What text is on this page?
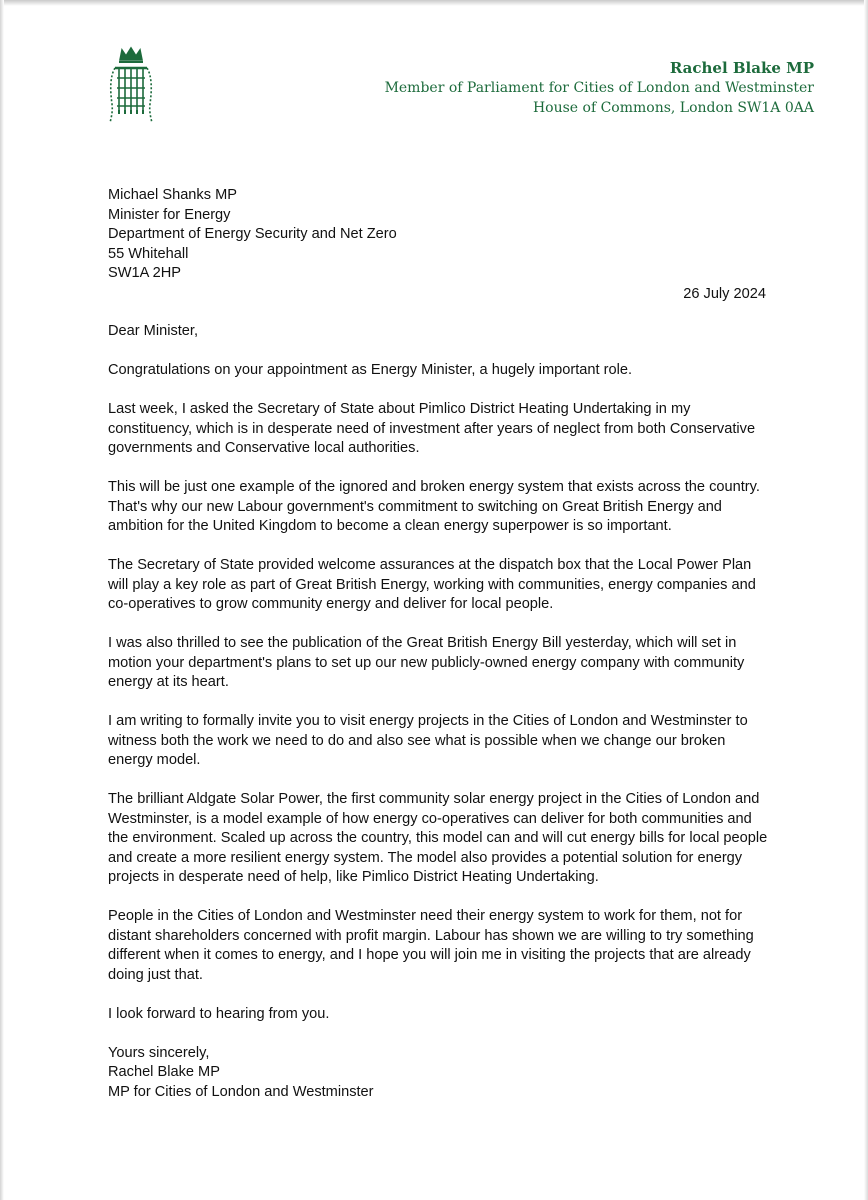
Rachel Blake MP
Member of Parliament for Cities of London and Westminster
House of Commons, London SW1A 0AA
Michael Shanks MP
Minister for Energy
Department of Energy Security and Net Zero
55 Whitehall
SW1A 2HP
26 July 2024

Dear Minister,

Congratulations on your appointment as Energy Minister, a hugely important role.

Last week, I asked the Secretary of State about Pimlico District Heating Undertaking in my constituency, which is in desperate need of investment after years of neglect from both Conservative governments and Conservative local authorities.

This will be just one example of the ignored and broken energy system that exists across the country. That's why our new Labour government's commitment to switching on Great British Energy and ambition for the United Kingdom to become a clean energy superpower is so important.

The Secretary of State provided welcome assurances at the dispatch box that the Local Power Plan will play a key role as part of Great British Energy, working with communities, energy companies and co-operatives to grow community energy and deliver for local people.

I was also thrilled to see the publication of the Great British Energy Bill yesterday, which will set in motion your department's plans to set up our new publicly-owned energy company with community energy at its heart.

I am writing to formally invite you to visit energy projects in the Cities of London and Westminster to witness both the work we need to do and also see what is possible when we change our broken energy model.

The brilliant Aldgate Solar Power, the first community solar energy project in the Cities of London and Westminster, is a model example of how energy co-operatives can deliver for both communities and the environment. Scaled up across the country, this model can and will cut energy bills for local people and create a more resilient energy system. The model also provides a potential solution for energy projects in desperate need of help, like Pimlico District Heating Undertaking.

People in the Cities of London and Westminster need their energy system to work for them, not for distant shareholders concerned with profit margin. Labour has shown we are willing to try something different when it comes to energy, and I hope you will join me in visiting the projects that are already doing just that.

I look forward to hearing from you.

Yours sincerely,
Rachel Blake MP
MP for Cities of London and Westminster
